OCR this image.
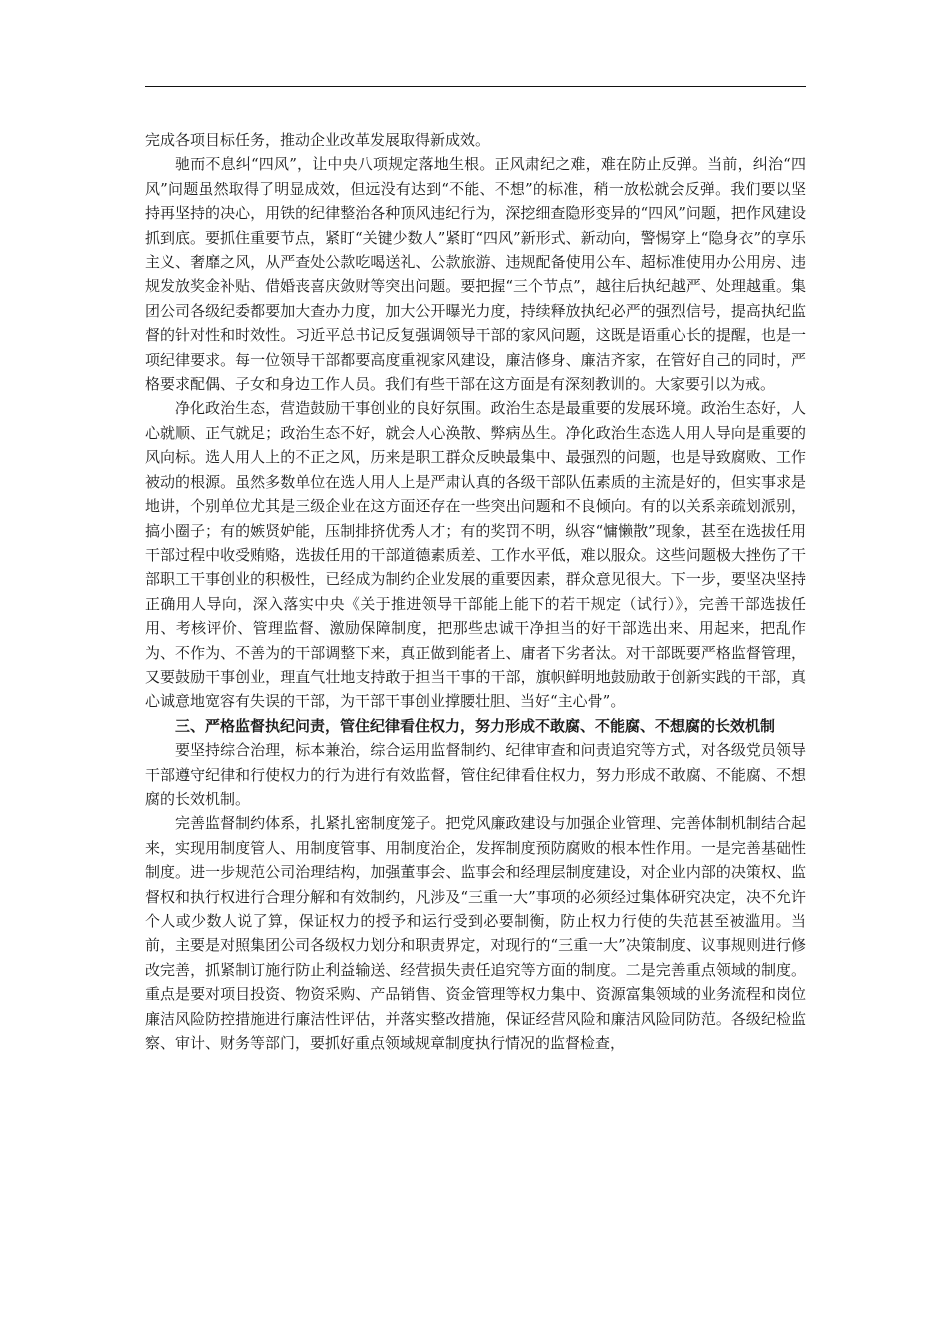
完成各项目标任务，推动企业改革发展取得新成效。

驰而不息纠“四风”，让中央八项规定落地生根。正风肃纪之难，难在防止反弹。当前，纠治“四风”问题虽然取得了明显成效，但远没有达到“不能、不想”的标准，稍一放松就会反弹。我们要以坚持再坚持的决心，用铁的纪律整治各种顶风违纪行为，深挖细查隐形变异的“四风”问题，把作风建设抓到底。要抓住重要节点，紧盯“关键少数人”紧盯“四风”新形式、新动向，警惕穿上“隐身衣”的享乐主义、奢靡之风，从严查处公款吃喝送礼、公款旅游、违规配备使用公车、超标准使用办公用房、违规发放奖金补贴、借婚丧喜庆敛财等突出问题。要把握“三个节点”，越往后执纪越严、处理越重。集团公司各级纪委都要加大查办力度，加大公开曝光力度，持续释放执纪必严的强烈信号，提高执纪监督的针对性和时效性。习近平总书记反复强调领导干部的家风问题，这既是语重心长的提醒，也是一项纪律要求。每一位领导干部都要高度重视家风建设，廉洁修身、廉洁齐家，在管好自己的同时，严格要求配偶、子女和身边工作人员。我们有些干部在这方面是有深刻教训的。大家要引以为戒。

净化政治生态，营造鼓励干事创业的良好氛围。政治生态是最重要的发展环境。政治生态好，人心就顺、正气就足；政治生态不好，就会人心涣散、弊病丛生。净化政治生态选人用人导向是重要的风向标。选人用人上的不正之风，历来是职工群众反映最集中、最强烈的问题，也是导致腐败、工作被动的根源。虽然多数单位在选人用人上是严肃认真的各级干部队伍素质的主流是好的，但实事求是地讲，个别单位尤其是三级企业在这方面还存在一些突出问题和不良倾向。有的以关系亲疏划派别，搞小圈子；有的嫉贤妒能，压制排挤优秀人才；有的奖罚不明，纵容“慵懒散”现象，甚至在选拔任用干部过程中收受贿赂，选拔任用的干部道德素质差、工作水平低，难以服众。这些问题极大挫伤了干部职工干事创业的积极性，已经成为制约企业发展的重要因素，群众意见很大。下一步，要坚决坚持正确用人导向，深入落实中央《关于推进领导干部能上能下的若干规定（试行）》，完善干部选拔任用、考核评价、管理监督、激励保障制度，把那些忠诚干净担当的好干部选出来、用起来，把乱作为、不作为、不善为的干部调整下来，真正做到能者上、庸者下劣者汰。对干部既要严格监督管理，又要鼓励干事创业，理直气壮地支持敢于担当干事的干部，旗帜鲜明地鼓励敢于创新实践的干部，真心诚意地宽容有失误的干部，为干部干事创业撑腰壮胆、当好“主心骨”。

三、严格监督执纪问责，管住纪律看住权力，努力形成不敢腐、不能腐、不想腐的长效机制

要坚持综合治理，标本兼治，综合运用监督制约、纪律审查和问责追究等方式，对各级党员领导干部遵守纪律和行使权力的行为进行有效监督，管住纪律看住权力，努力形成不敢腐、不能腐、不想腐的长效机制。

完善监督制约体系，扎紧扎密制度笼子。把党风廉政建设与加强企业管理、完善体制机制结合起来，实现用制度管人、用制度管事、用制度治企，发挥制度预防腐败的根本性作用。一是完善基础性制度。进一步规范公司治理结构，加强董事会、监事会和经理层制度建设，对企业内部的决策权、监督权和执行权进行合理分解和有效制约，凡涉及“三重一大”事项的必须经过集体研究决定，决不允许个人或少数人说了算，保证权力的授予和运行受到必要制衡，防止权力行使的失范甚至被滥用。当前，主要是对照集团公司各级权力划分和职责界定，对现行的“三重一大”决策制度、议事规则进行修改完善，抓紧制订施行防止利益输送、经营损失责任追究等方面的制度。二是完善重点领域的制度。重点是要对项目投资、物资采购、产品销售、资金管理等权力集中、资源富集领域的业务流程和岗位廉洁风险防控措施进行廉洁性评估，并落实整改措施，保证经营风险和廉洁风险同防范。各级纪检监察、审计、财务等部门，要抓好重点领域规章制度执行情况的监督检查，
